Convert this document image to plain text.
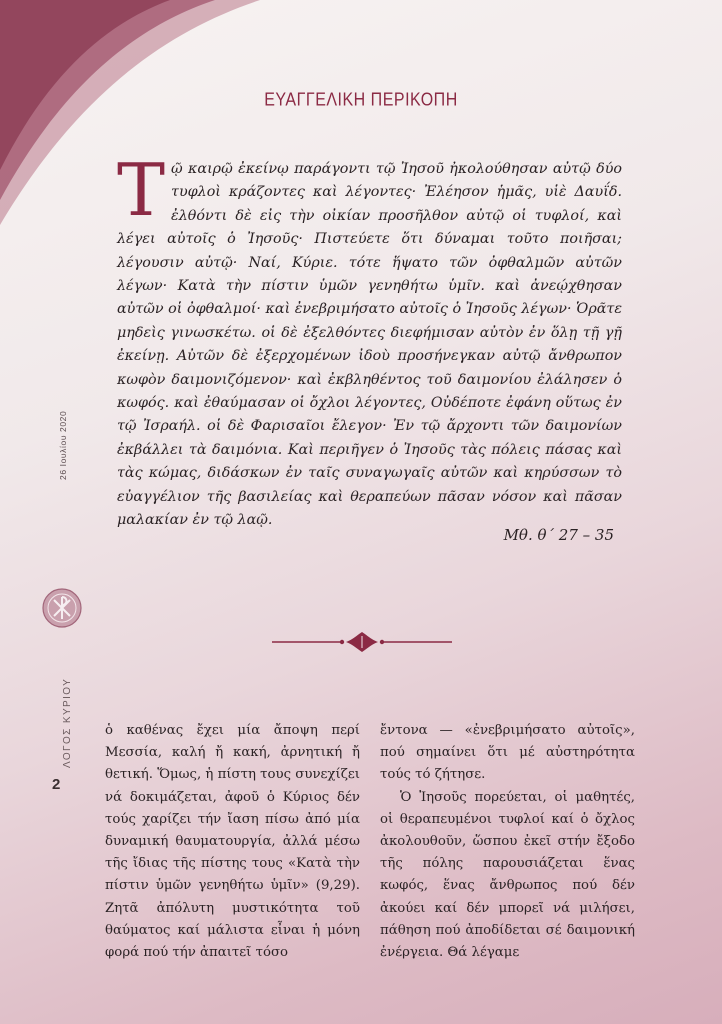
ΕΥΑΓΓΕΛΙΚΗ ΠΕΡΙΚΟΠΗ
Τῷ καιρῷ ἐκείνῳ παράγοντι τῷ Ἰησοῦ ἠκολούθησαν αὐτῷ δύο τυφλοὶ κράζοντες καὶ λέγοντες· Ἐλέησον ἡμᾶς, υἱὲ Δαυΐδ. ἐλθόντι δὲ εἰς τὴν οἰκίαν προσῆλθον αὐτῷ οἱ τυφλοί, καὶ λέγει αὐτοῖς ὁ Ἰησοῦς· Πιστεύετε ὅτι δύναμαι τοῦτο ποιῆσαι; λέγουσιν αὐτῷ· Ναί, Κύριε. τότε ἥψατο τῶν ὀφθαλμῶν αὐτῶν λέγων· Κατὰ τὴν πίστιν ὑμῶν γενηθήτω ὑμῖν. καὶ ἀνεῴχθησαν αὐτῶν οἱ ὀφθαλμοί· καὶ ἐνεβριμήσατο αὐτοῖς ὁ Ἰησοῦς λέγων· Ὁρᾶτε μηδεὶς γινωσκέτω. οἱ δὲ ἐξελθόντες διεφήμισαν αὐτὸν ἐν ὅλῃ τῇ γῇ ἐκείνῃ. Αὐτῶν δὲ ἐξερχομένων ἰδοὺ προσήνεγκαν αὐτῷ ἄνθρωπον κωφὸν δαιμονιζόμενον· καὶ ἐκβληθέντος τοῦ δαιμονίου ἐλάλησεν ὁ κωφός. καὶ ἐθαύμασαν οἱ ὄχλοι λέγοντες, Οὐδέποτε ἐφάνη οὕτως ἐν τῷ Ἰσραήλ. οἱ δὲ Φαρισαῖοι ἔλεγον· Ἐν τῷ ἄρχοντι τῶν δαιμονίων ἐκβάλλει τὰ δαιμόνια. Καὶ περιῆγεν ὁ Ἰησοῦς τὰς πόλεις πάσας καὶ τὰς κώμας, διδάσκων ἐν ταῖς συναγωγαῖς αὐτῶν καὶ κηρύσσων τὸ εὐαγγέλιον τῆς βασιλείας καὶ θεραπεύων πᾶσαν νόσον καὶ πᾶσαν μαλακίαν ἐν τῷ λαῷ.
Μθ. θ΄ 27 – 35
26 Ιουλίου 2020
ΛΟΓΟΣ ΚΥΡΙΟΥ
2

ὁ καθένας ἔχει μία ἄποψη περί Μεσσία, καλή ἤ κακή, ἀρνητική ἤ θετική. Ὅμως, ἡ πίστη τους συνεχίζει νά δοκιμάζεται, ἀφοῦ ὁ Κύριος δέν τούς χαρίζει τήν ἴαση πίσω ἀπό μία δυναμική θαυματουργία, ἀλλά μέσω τῆς ἴδιας τῆς πίστης τους «Κατὰ τὴν πίστιν ὑμῶν γενηθήτω ὑμῖν» (9,29). Ζητᾶ ἀπόλυτη μυστικότητα τοῦ θαύματος καί μάλιστα εἶναι ἡ μόνη φορά πού τήν ἀπαιτεῖ τόσο

ἔντονα — «ἐνεβριμήσατο αὐτοῖς», πού σημαίνει ὅτι μέ αὐστηρότητα τούς τό ζήτησε.

Ὁ Ἰησοῦς πορεύεται, οἱ μαθητές, οἱ θεραπευμένοι τυφλοί καί ὁ ὄχλος ἀκολουθοῦν, ὥσπου ἐκεῖ στήν ἔξοδο τῆς πόλης παρουσιάζεται ἕνας κωφός, ἕνας ἄνθρωπος πού δέν ἀκούει καί δέν μπορεῖ νά μιλήσει, πάθηση πού ἀποδίδεται σέ δαιμονική ἐνέργεια. Θά λέγαμε
